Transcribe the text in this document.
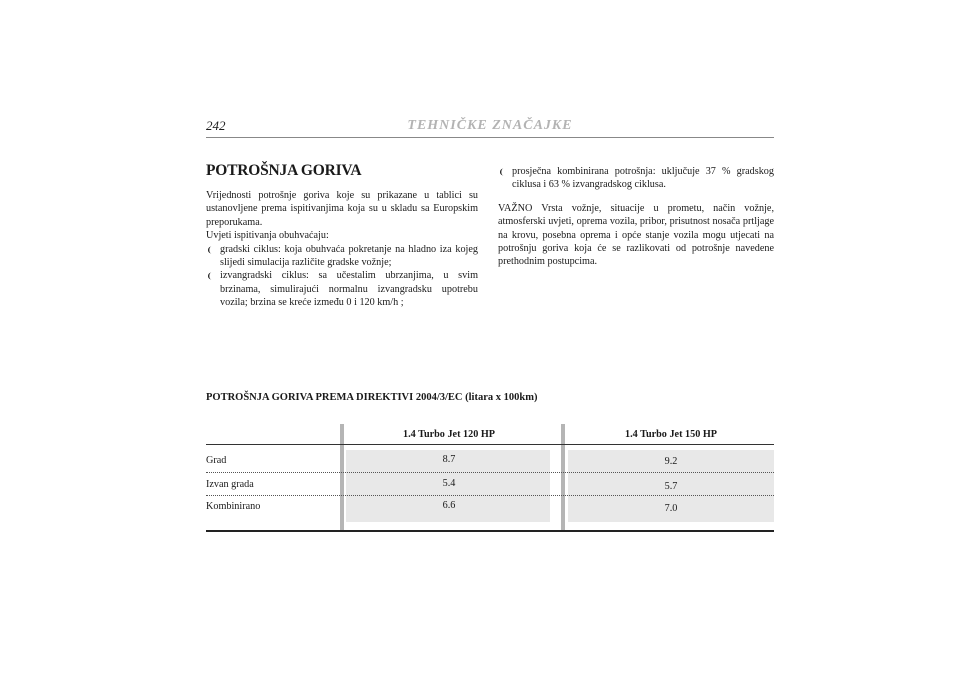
242	TEHNIČKE ZNAČAJKE
POTROŠNJA GORIVA

Vrijednosti potrošnje goriva koje su prikazane u tablici su ustanovljene prema ispitivanjima koja su u skladu sa Europskim preporukama.

Uvjeti ispitivanja obuhvaćaju:

gradski ciklus: koja obuhvaća pokretanje na hladno iza kojeg slijedi simulacija različite gradske vožnje;

izvangradski ciklus: sa učestalim ubrzanjima, u svim brzinama, simulirajući normalnu izvangradsku upotrebu vozila; brzina se kreće između 0 i 120 km/h ;

prosječna kombinirana potrošnja: uključuje 37 % gradskog ciklusa i 63 % izvangradskog ciklusa.

VAŽNO Vrsta vožnje, situacije u prometu, način vožnje, atmosferski uvjeti, oprema vozila, pribor, prisutnost nosača prtljage na krovu, posebna oprema i opće stanje vozila mogu utjecati na potrošnju goriva koja će se razlikovati od potrošnje navedene prethodnim postupcima.

POTROŠNJA GORIVA PREMA DIREKTIVI 2004/3/EC (litara x 100km)
1.4 Turbo Jet 120 HP	1.4 Turbo Jet 150 HP
Grad
Izvan grada
Kombinirano
8.7
5.4
6.6
9.2
5.7
7.0
